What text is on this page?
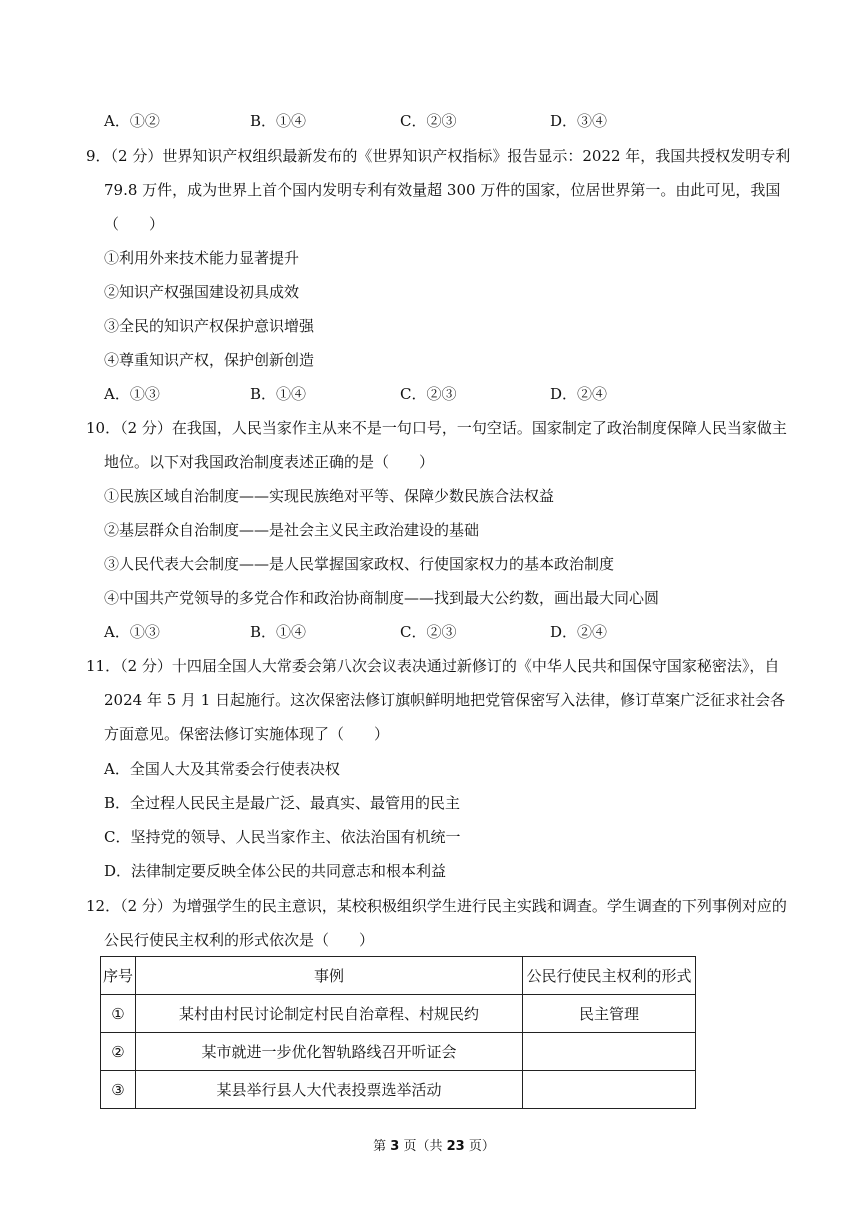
A．①②	B．①④	C．②③	D．③④
9．（2 分）世界知识产权组织最新发布的《世界知识产权指标》报告显示：2022 年，我国共授权发明专利
79.8 万件，成为世界上首个国内发明专利有效量超 300 万件的国家，位居世界第一。由此可见，我国
（　　）
①利用外来技术能力显著提升
②知识产权强国建设初具成效
③全民的知识产权保护意识增强
④尊重知识产权，保护创新创造
A．①③	B．①④	C．②③	D．②④
10．（2 分）在我国，人民当家作主从来不是一句口号，一句空话。国家制定了政治制度保障人民当家做主
地位。以下对我国政治制度表述正确的是（　　）
①民族区域自治制度——实现民族绝对平等、保障少数民族合法权益
②基层群众自治制度——是社会主义民主政治建设的基础
③人民代表大会制度——是人民掌握国家政权、行使国家权力的基本政治制度
④中国共产党领导的多党合作和政治协商制度——找到最大公约数，画出最大同心圆
A．①③	B．①④	C．②③	D．②④
11．（2 分）十四届全国人大常委会第八次会议表决通过新修订的《中华人民共和国保守国家秘密法》，自
2024 年 5 月 1 日起施行。这次保密法修订旗帜鲜明地把党管保密写入法律，修订草案广泛征求社会各
方面意见。保密法修订实施体现了（　　）
A．全国人大及其常委会行使表决权
B．全过程人民民主是最广泛、最真实、最管用的民主
C．坚持党的领导、人民当家作主、依法治国有机统一
D．法律制定要反映全体公民的共同意志和根本利益
12．（2 分）为增强学生的民主意识，某校积极组织学生进行民主实践和调查。学生调查的下列事例对应的
公民行使民主权利的形式依次是（　　）
序号	事例	公民行使民主权利的形式
①	某村由村民讨论制定村民自治章程、村规民约	民主管理
②	某市就进一步优化智轨路线召开听证会	
③	某县举行县人大代表投票选举活动	
第 3 页（共 23 页）
